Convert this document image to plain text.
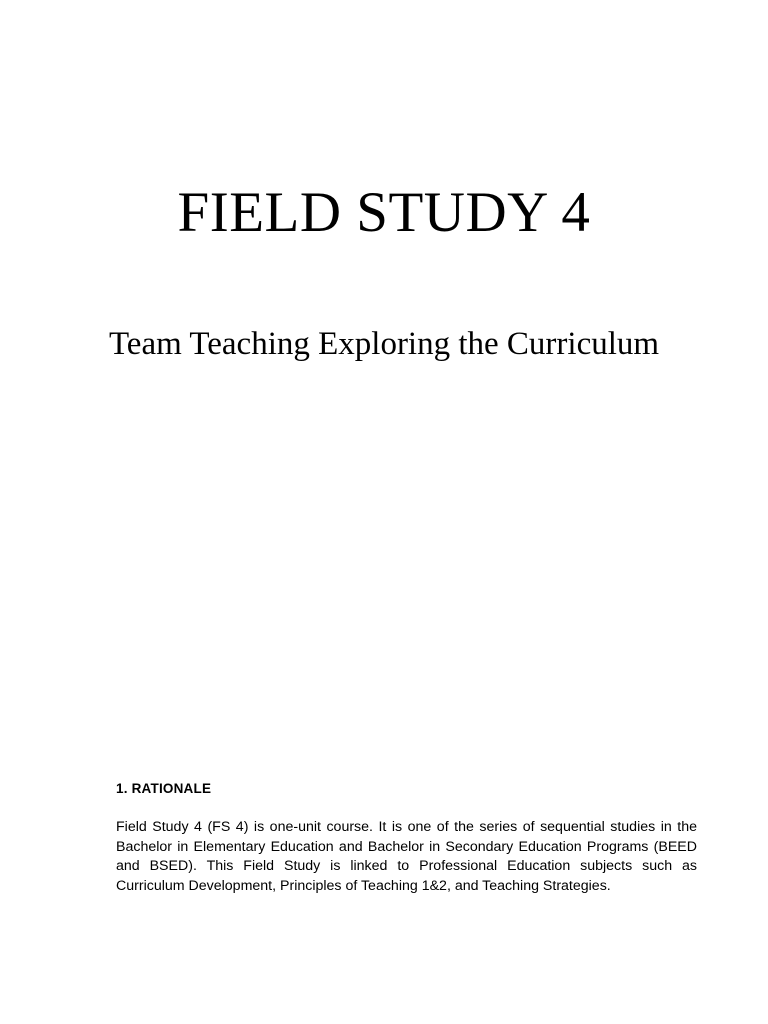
FIELD STUDY 4
Team Teaching Exploring the Curriculum
1. RATIONALE

Field Study 4 (FS 4) is one-unit course. It is one of the series of sequential studies in the Bachelor in Elementary Education and Bachelor in Secondary Education Programs (BEED and BSED). This Field Study is linked to Professional Education subjects such as Curriculum Development, Principles of Teaching 1&2, and Teaching Strategies.
